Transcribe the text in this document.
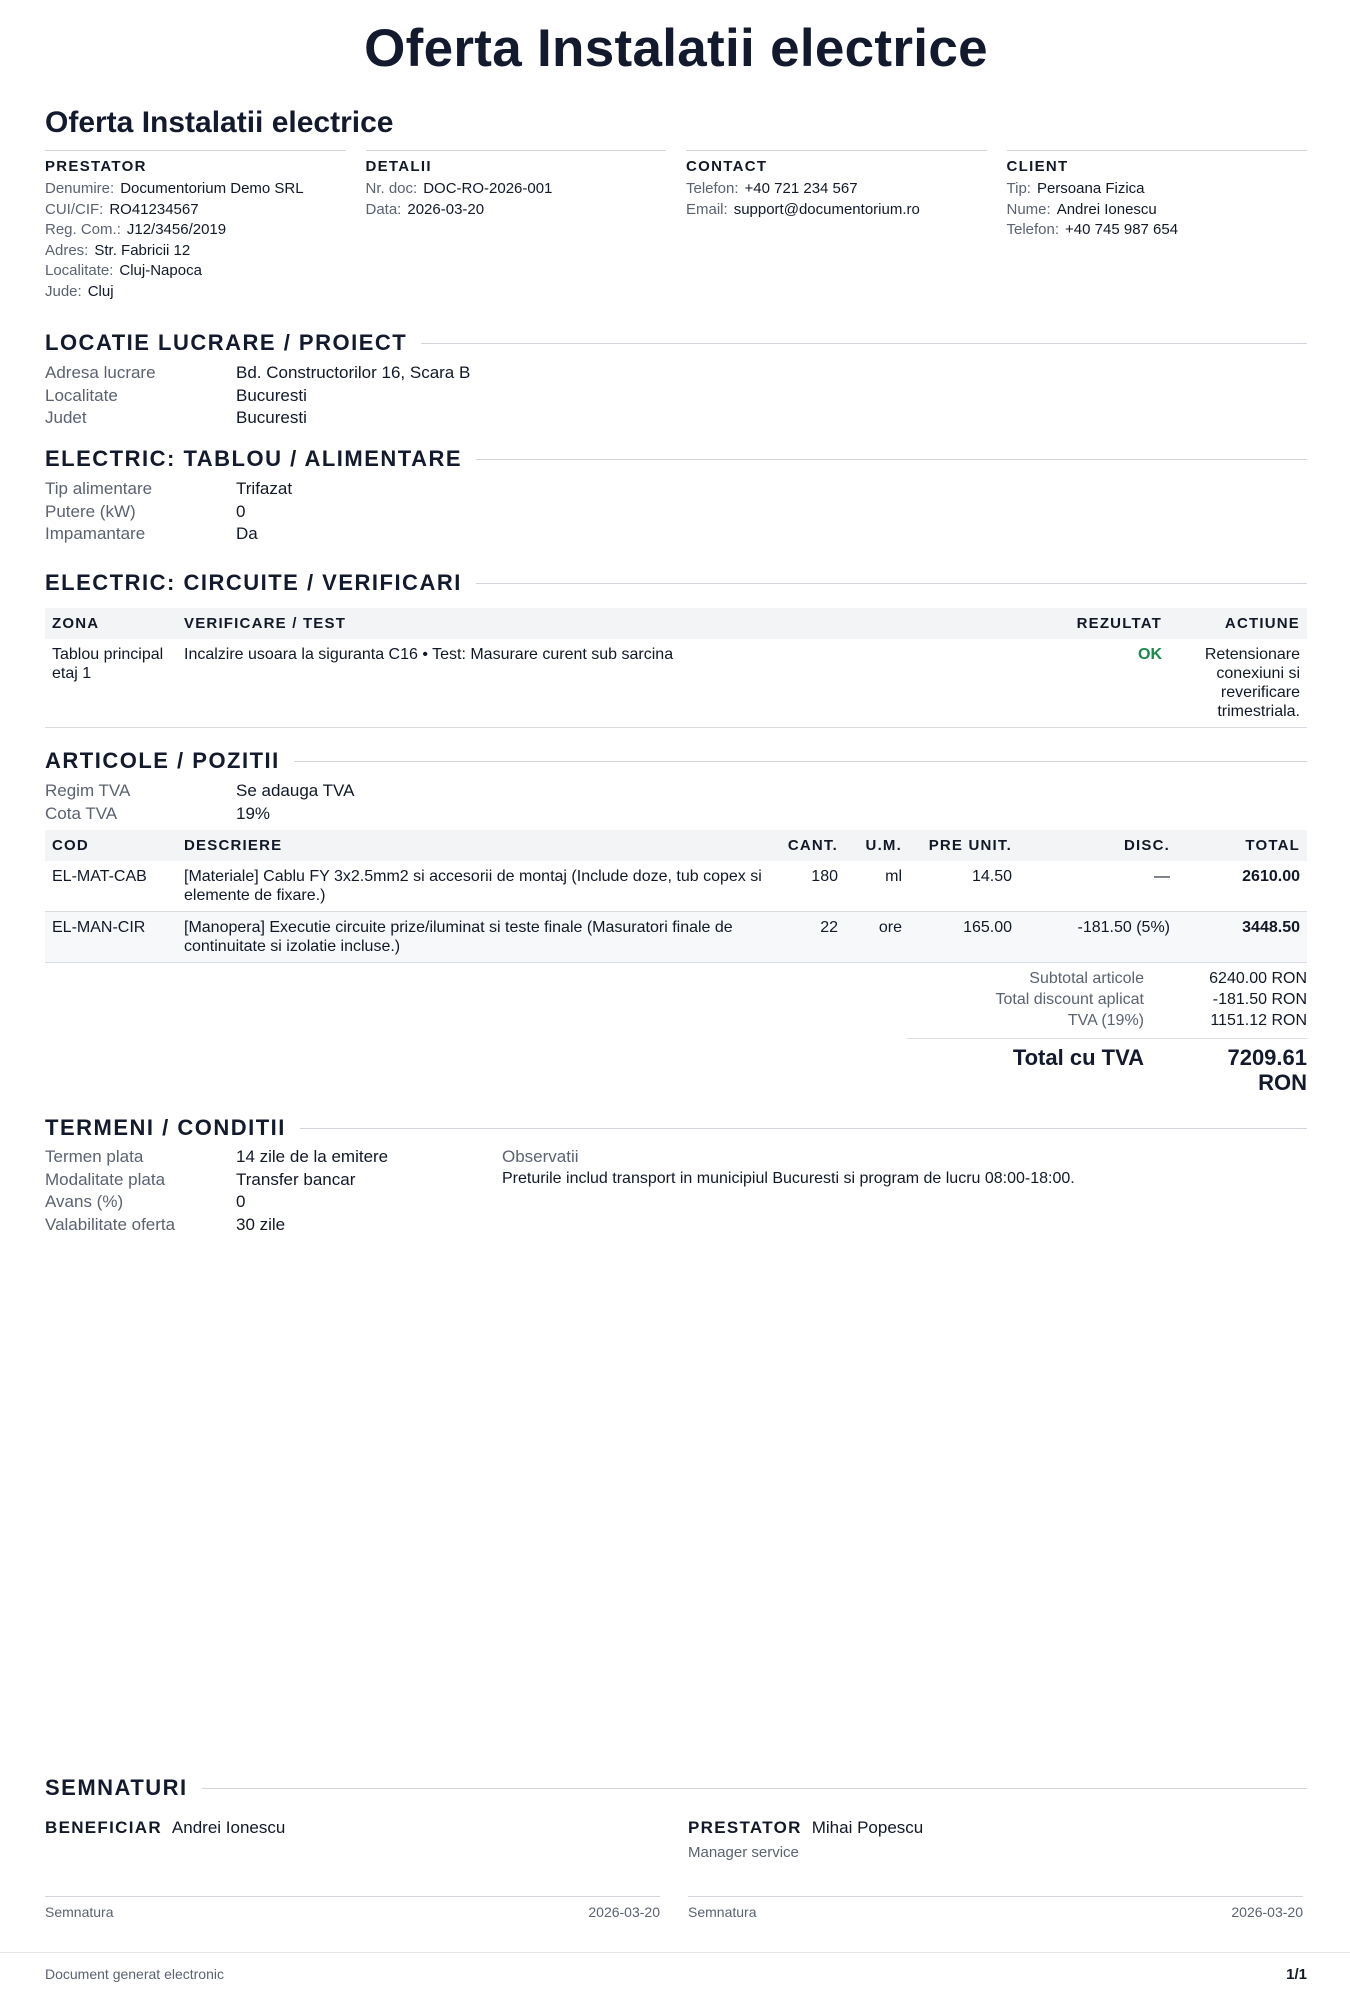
Oferta Instalatii electrice
Oferta Instalatii electrice
PRESTATOR
Denumire: Documentorium Demo SRL
CUI/CIF: RO41234567
Reg. Com.: J12/3456/2019
Adres: Str. Fabricii 12
Localitate: Cluj-Napoca
Jude: Cluj
DETALII
Nr. doc: DOC-RO-2026-001
Data: 2026-03-20
CONTACT
Telefon: +40 721 234 567
Email: support@documentorium.ro
CLIENT
Tip: Persoana Fizica
Nume: Andrei Ionescu
Telefon: +40 745 987 654
LOCATIE LUCRARE / PROIECT
Adresa lucrare	Bd. Constructorilor 16, Scara B
Localitate	Bucuresti
Judet	Bucuresti
ELECTRIC: TABLOU / ALIMENTARE
Tip alimentare	Trifazat
Putere (kW)	0
Impamantare	Da
ELECTRIC: CIRCUITE / VERIFICARI
ZONA	VERIFICARE / TEST	REZULTAT	ACTIUNE
Tablou principal etaj 1	Incalzire usoara la siguranta C16 • Test: Masurare curent sub sarcina	OK	Retensionare conexiuni si reverificare trimestriala.
ARTICOLE / POZITII
Regim TVA	Se adauga TVA
Cota TVA	19%
COD	DESCRIERE	CANT.	U.M.	PRE UNIT.	DISC.	TOTAL
EL-MAT-CAB	[Materiale] Cablu FY 3x2.5mm2 si accesorii de montaj (Include doze, tub copex si elemente de fixare.)	180	ml	14.50	—	2610.00
EL-MAN-CIR	[Manopera] Executie circuite prize/iluminat si teste finale (Masuratori finale de continuitate si izolatie incluse.)	22	ore	165.00	-181.50 (5%)	3448.50
Subtotal articole	6240.00 RON
Total discount aplicat	-181.50 RON
TVA (19%)	1151.12 RON
Total cu TVA	7209.61 RON
TERMENI / CONDITII
Termen plata	14 zile de la emitere
Modalitate plata	Transfer bancar
Avans (%)	0
Valabilitate oferta	30 zile
Observatii
Preturile includ transport in municipiul Bucuresti si program de lucru 08:00-18:00.
SEMNATURI
BENEFICIAR Andrei Ionescu
Semnatura	2026-03-20
PRESTATOR Mihai Popescu
Manager service
Semnatura	2026-03-20
Document generat electronic	1/1
